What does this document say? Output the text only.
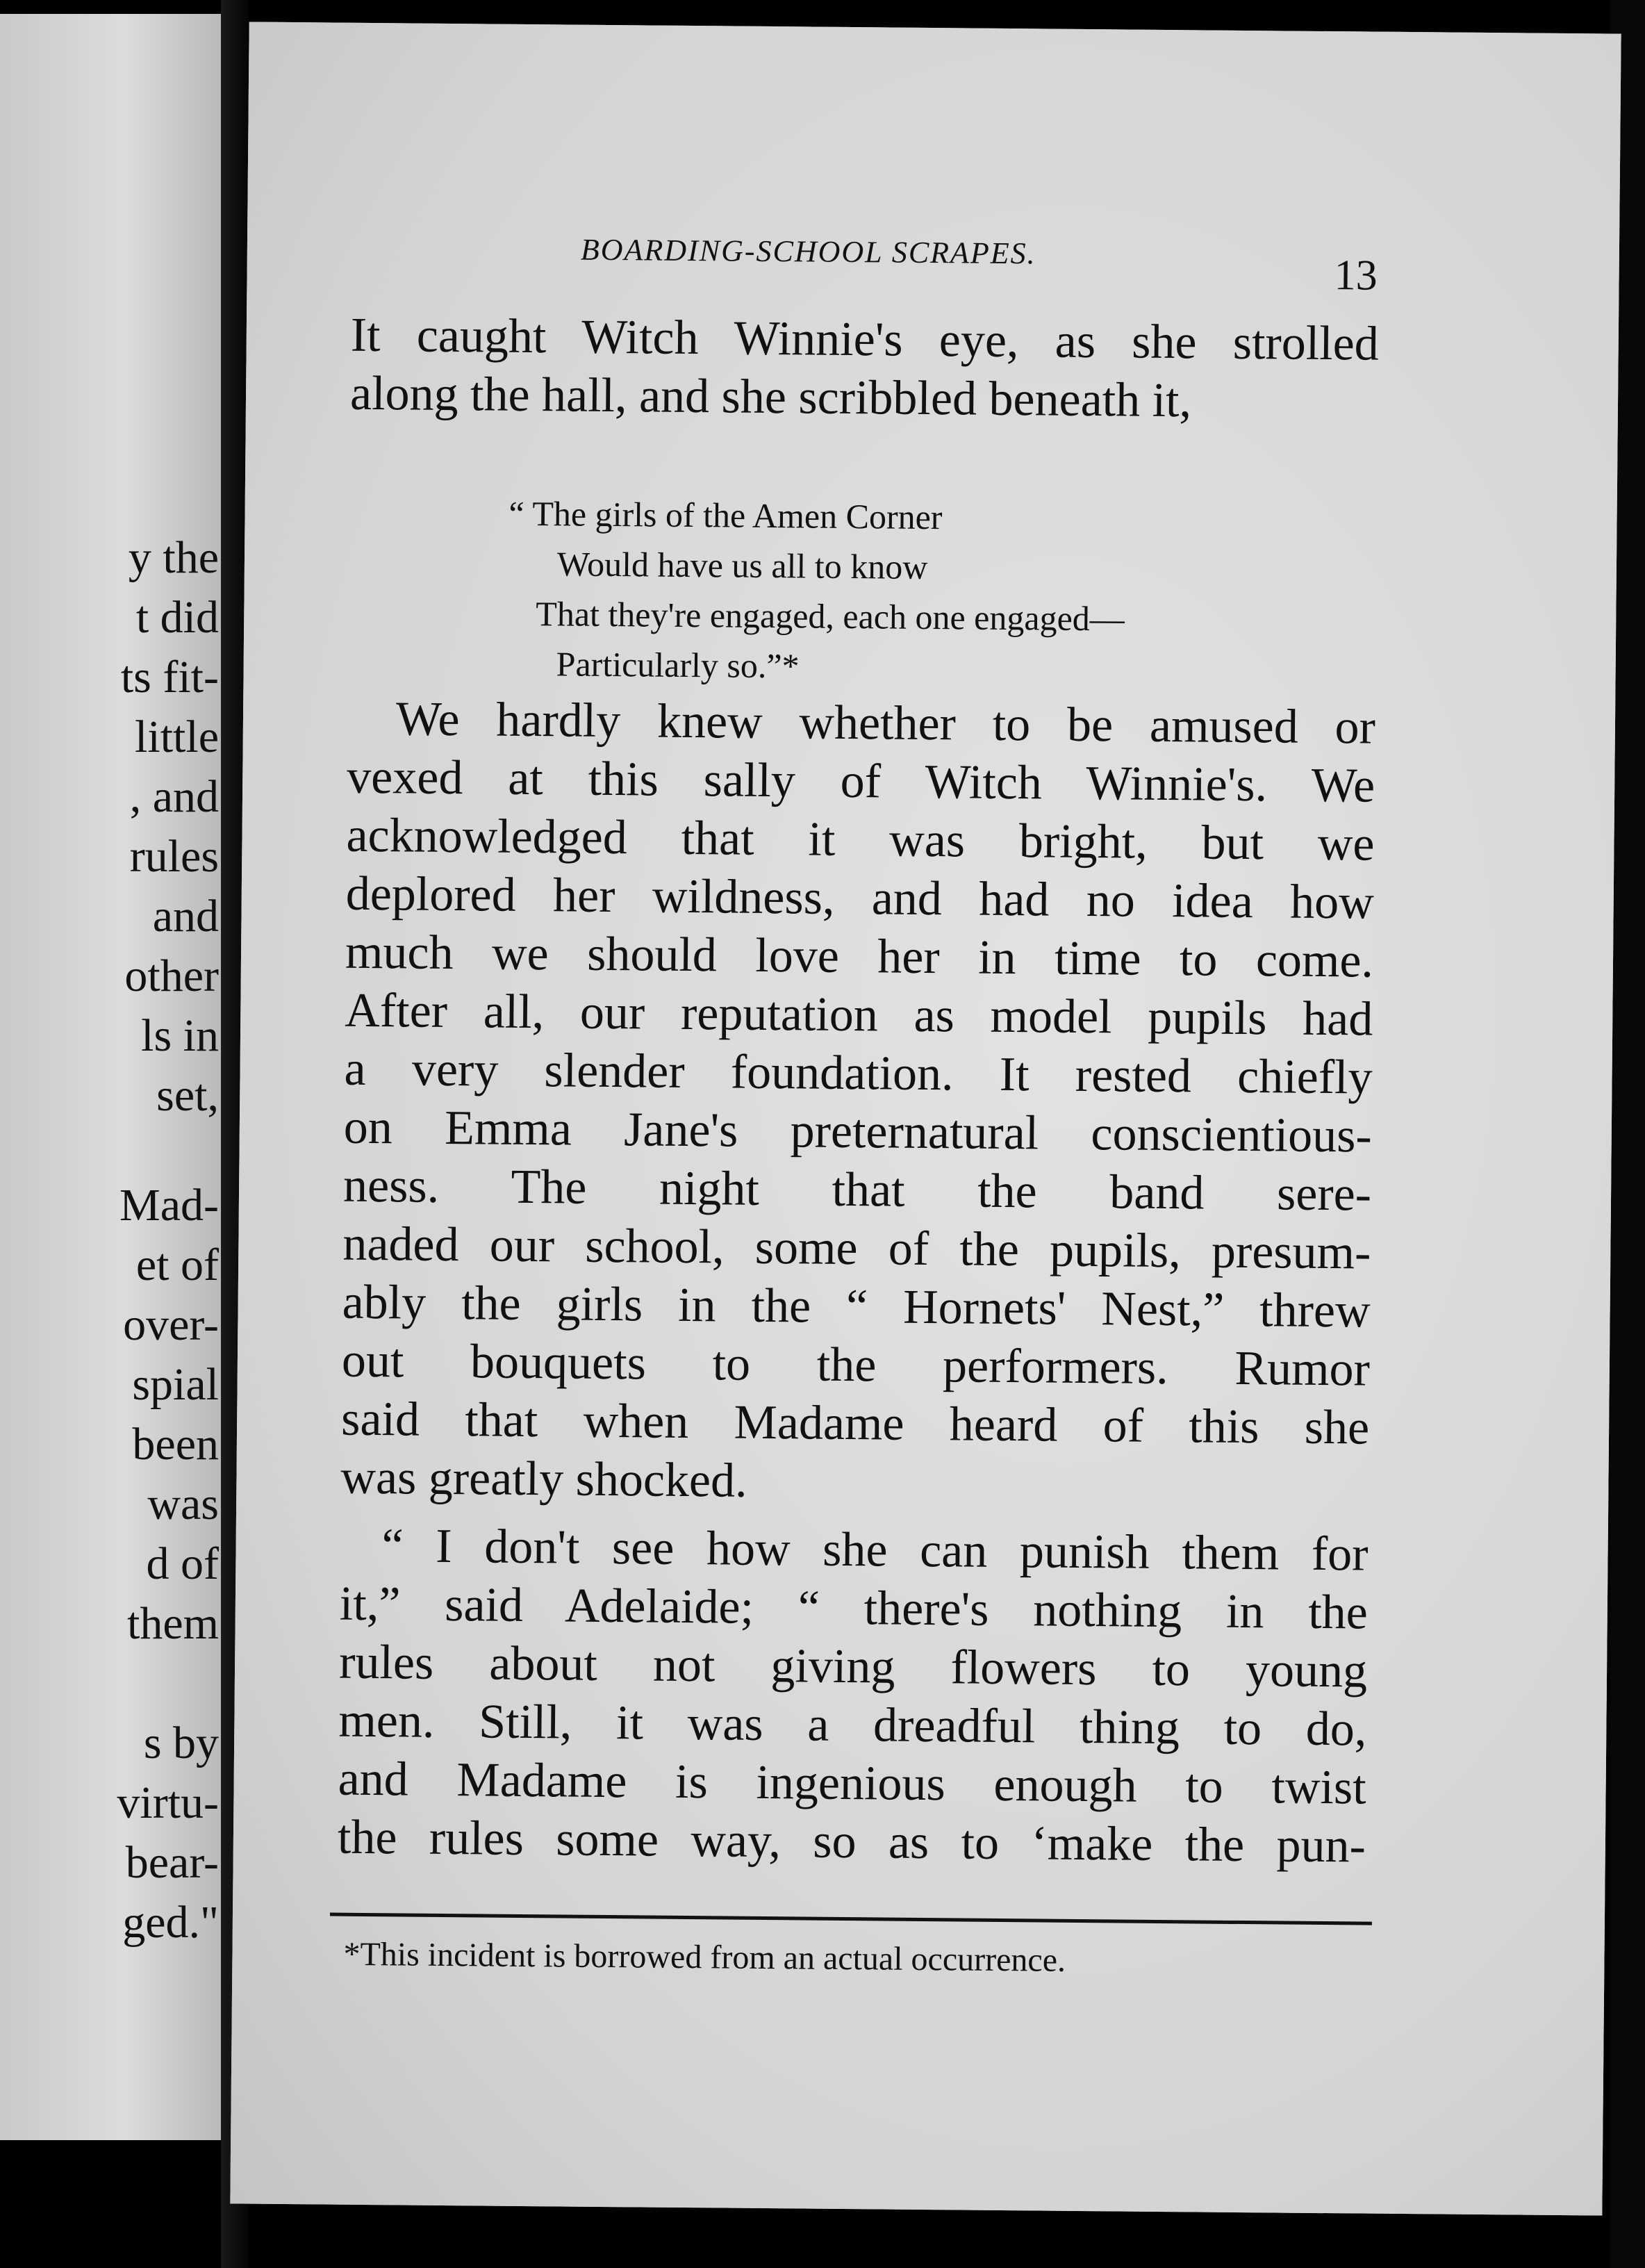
y the
t did
ts fit-
little
, and
rules
and
other
ls in
set,
Mad-
et of
over-
spial
been
was
d of
them
s by
virtu-
bear-
ged."
BOARDING-SCHOOL SCRAPES.
13
It caught Witch Winnie's eye, as she strolled
along the hall, and she scribbled beneath it,
“ The girls of the Amen Corner
Would have us all to know
That they're engaged, each one engaged—
Particularly so.”*
We hardly knew whether to be amused or
vexed at this sally of Witch Winnie's. We
acknowledged that it was bright, but we
deplored her wildness, and had no idea how
much we should love her in time to come.
After all, our reputation as model pupils had
a very slender foundation. It rested chiefly
on Emma Jane's preternatural conscientious-
ness. The night that the band sere-
naded our school, some of the pupils, presum-
ably the girls in the “ Hornets' Nest,” threw
out bouquets to the performers. Rumor
said that when Madame heard of this she
was greatly shocked.
“ I don't see how she can punish them for
it,” said Adelaide; “ there's nothing in the
rules about not giving flowers to young
men. Still, it was a dreadful thing to do,
and Madame is ingenious enough to twist
the rules some way, so as to ‘make the pun-
*This incident is borrowed from an actual occurrence.
